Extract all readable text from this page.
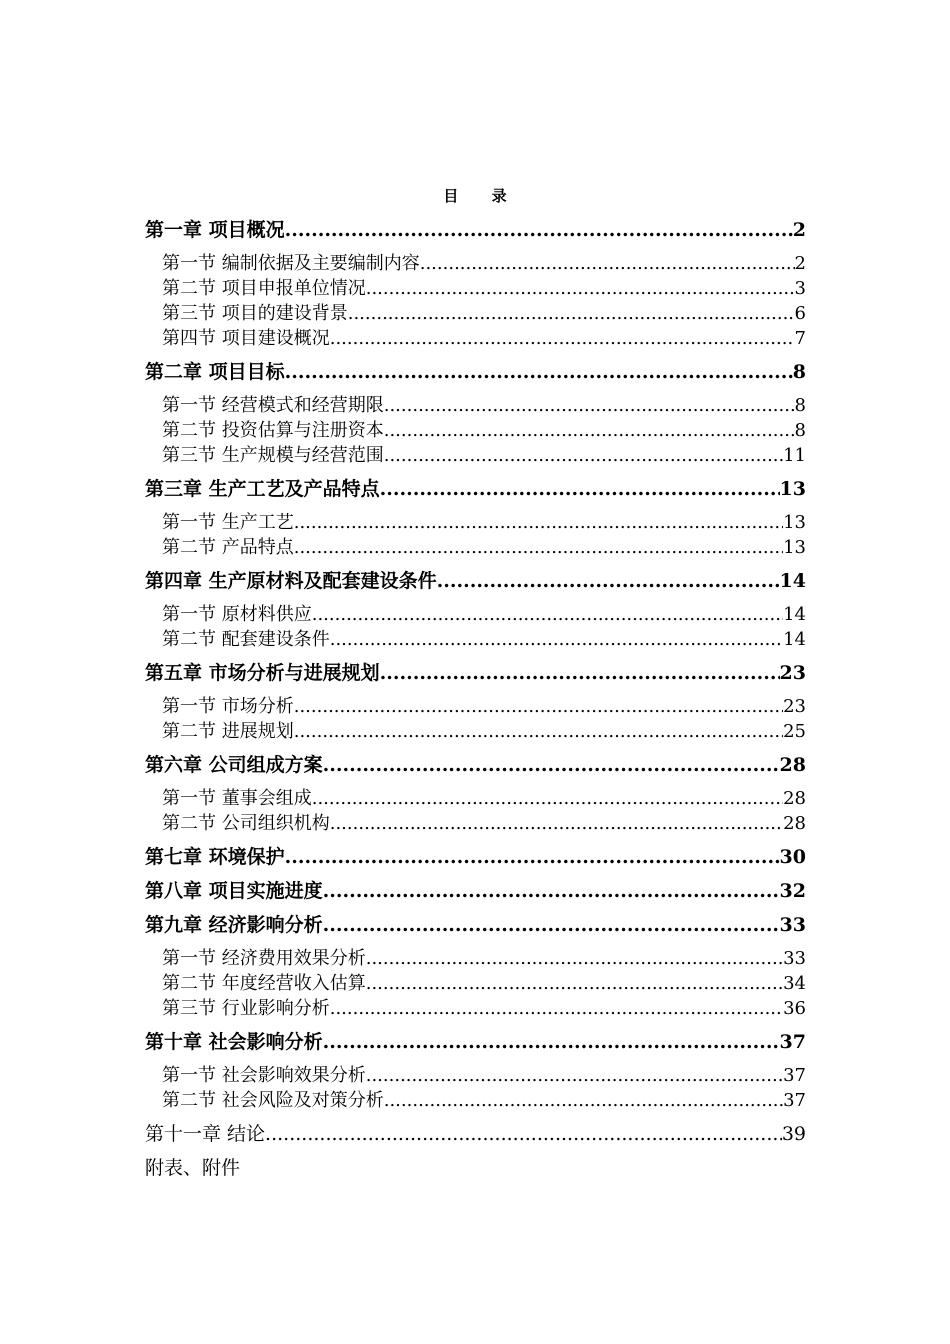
目 录
第一章 项目概况 .....	2
第一节 编制依据及主要编制内容 .....	2
第二节 项目申报单位情况 .....	3
第三节 项目的建设背景 .....	6
第四节 项目建设概况 .....	7
第二章 项目目标 .....	8
第一节 经营模式和经营期限 .....	8
第二节 投资估算与注册资本 .....	8
第三节 生产规模与经营范围 .....	11
第三章 生产工艺及产品特点 .....	13
第一节 生产工艺 .....	13
第二节 产品特点 .....	13
第四章 生产原材料及配套建设条件 .....	14
第一节 原材料供应 .....	14
第二节 配套建设条件 .....	14
第五章 市场分析与进展规划 .....	23
第一节 市场分析 .....	23
第二节 进展规划 .....	25
第六章 公司组成方案 .....	28
第一节 董事会组成 .....	28
第二节 公司组织机构 .....	28
第七章 环境保护 .....	30
第八章 项目实施进度 .....	32
第九章 经济影响分析 .....	33
第一节 经济费用效果分析 .....	33
第二节 年度经营收入估算 .....	34
第三节 行业影响分析 .....	36
第十章 社会影响分析 .....	37
第一节 社会影响效果分析 .....	37
第二节 社会风险及对策分析 .....	37
第十一章 结论 .....	39
附表、附件
